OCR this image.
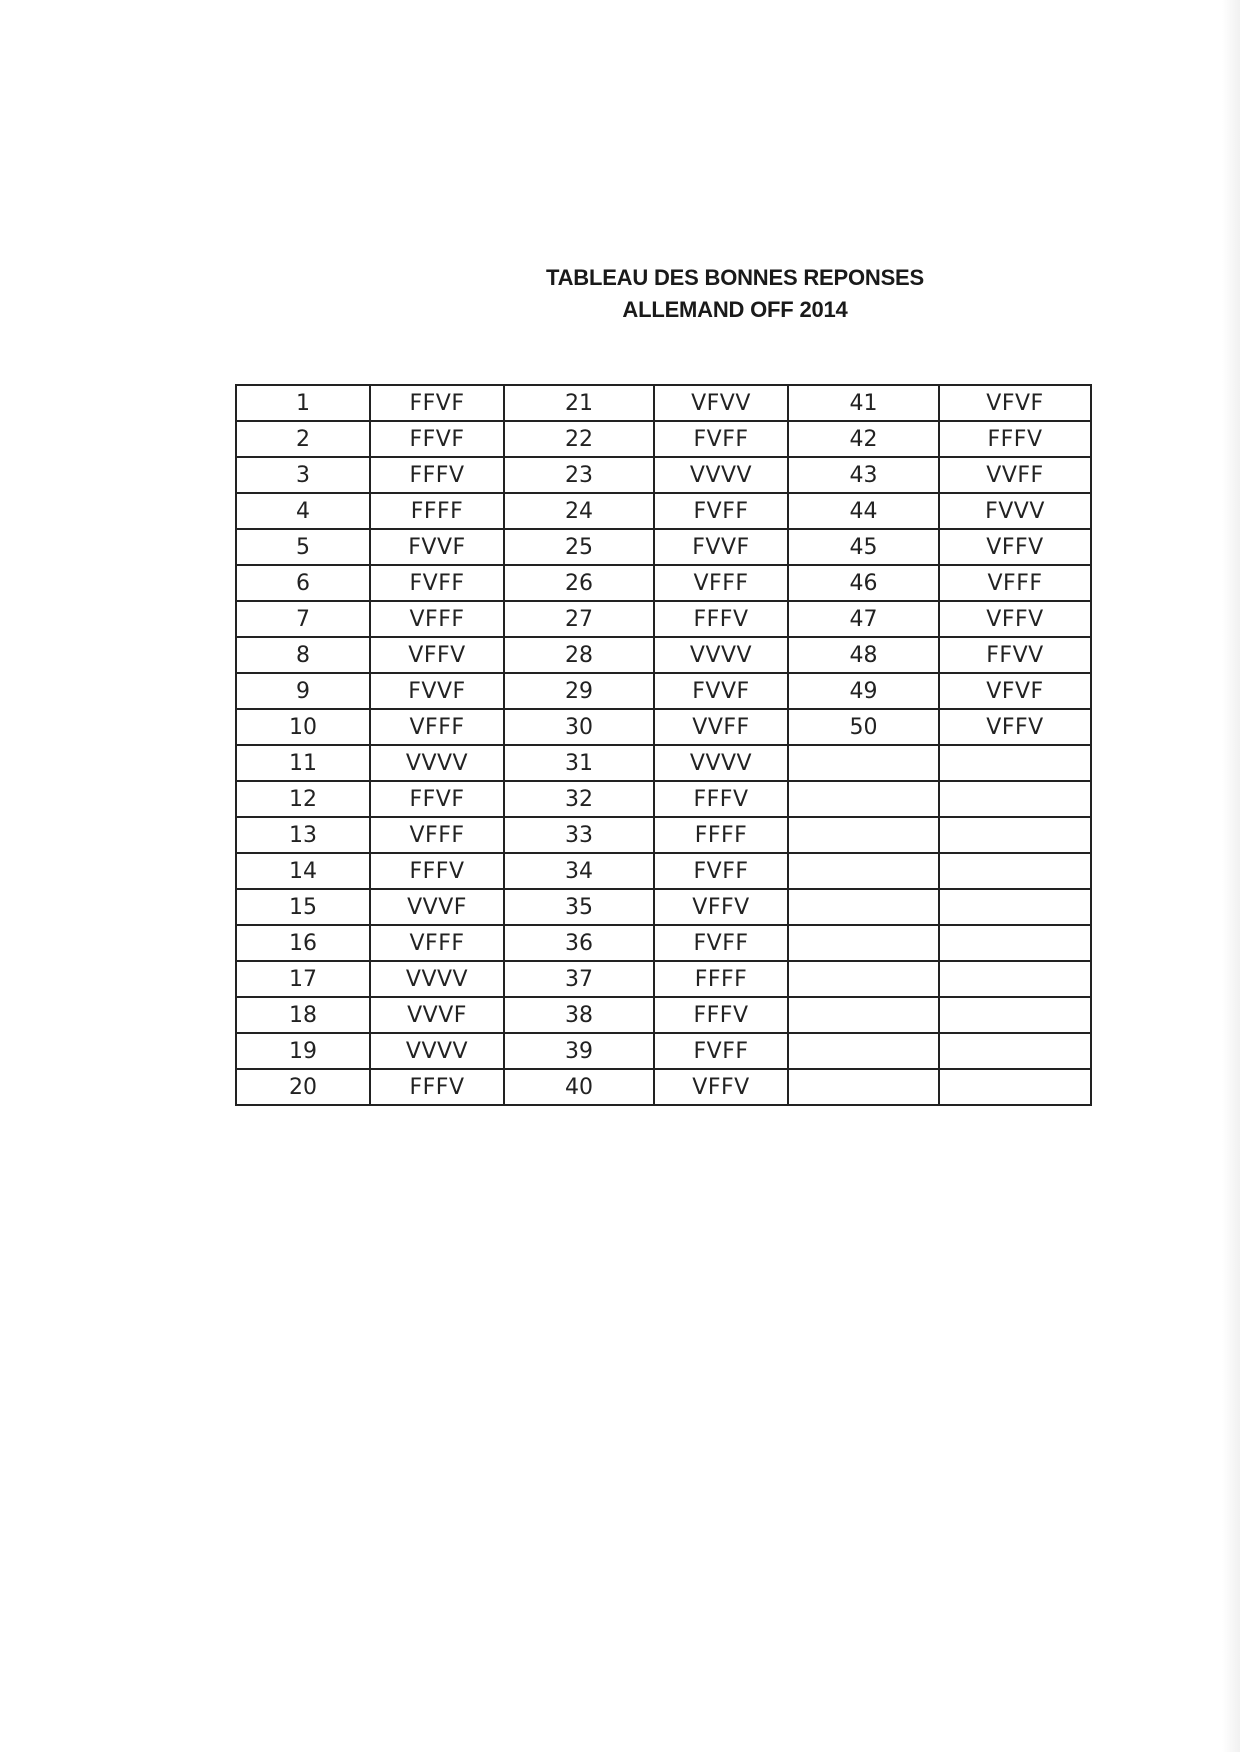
TABLEAU DES BONNES REPONSES
ALLEMAND OFF 2014
1	FFVF	21	VFVV	41	VFVF
2	FFVF	22	FVFF	42	FFFV
3	FFFV	23	VVVV	43	VVFF
4	FFFF	24	FVFF	44	FVVV
5	FVVF	25	FVVF	45	VFFV
6	FVFF	26	VFFF	46	VFFF
7	VFFF	27	FFFV	47	VFFV
8	VFFV	28	VVVV	48	FFVV
9	FVVF	29	FVVF	49	VFVF
10	VFFF	30	VVFF	50	VFFV
11	VVVV	31	VVVV		
12	FFVF	32	FFFV		
13	VFFF	33	FFFF		
14	FFFV	34	FVFF		
15	VVVF	35	VFFV		
16	VFFF	36	FVFF		
17	VVVV	37	FFFF		
18	VVVF	38	FFFV		
19	VVVV	39	FVFF		
20	FFFV	40	VFFV		
